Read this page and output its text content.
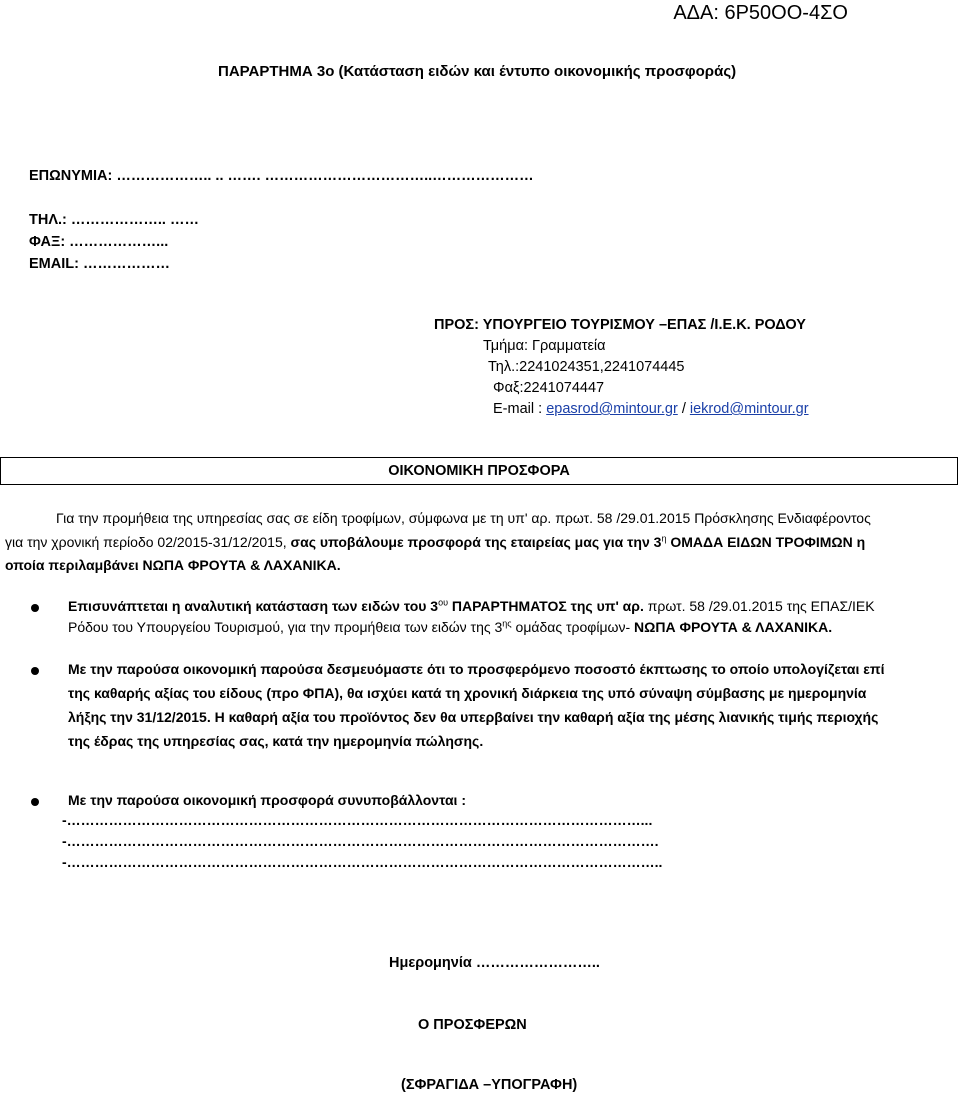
ΑΔΑ: 6Ρ50ΟΟ-4ΣΟ
ΠΑΡΑΡΤΗΜΑ 3ο (Κατάσταση ειδών και έντυπο οικονομικής προσφοράς)
ΕΠΩΝΥΜΙΑ: ……………….. .. ……. ……………………………..…………………
ΤΗΛ.: ……………….. ……
ΦΑΞ: ………………...
EMAIL: ………………
ΠΡΟΣ: ΥΠΟΥΡΓΕΙΟ ΤΟΥΡΙΣΜΟΥ –ΕΠΑΣ /Ι.Ε.Κ. ΡΟΔΟΥ
Τμήμα: Γραμματεία
Τηλ.:2241024351,2241074445
Φαξ:2241074447
E-mail : epasrod@mintour.gr / iekrod@mintour.gr
ΟΙΚΟΝΟΜΙΚΗ ΠΡΟΣΦΟΡΑ
Για την προμήθεια της υπηρεσίας σας σε είδη τροφίμων, σύμφωνα με τη υπ' αρ. πρωτ. 58 /29.01.2015 Πρόσκλησης Ενδιαφέροντος
για την χρονική περίοδο 02/2015-31/12/2015, σας υποβάλουμε προσφορά της εταιρείας μας για την $3^\eta$ ΟΜΑΔΑ ΕΙΔΩΝ ΤΡΟΦΙΜΩΝ η
οποία περιλαμβάνει ΝΩΠΑ ΦΡΟΥΤΑ & ΛΑΧΑΝΙΚΑ.
Επισυνάπτεται η αναλυτική κατάσταση των ειδών του $3^{o\upsilon}$ ΠΑΡΑΡΤΗΜΑΤΟΣ της υπ' αρ. πρωτ. 58 /29.01.2015 της ΕΠΑΣ/ΙΕΚ
Ρόδου του Υπουργείου Τουρισμού, για την προμήθεια των ειδών της $3^{\eta\varsigma}$ ομάδας τροφίμων- ΝΩΠΑ ΦΡΟΥΤΑ & ΛΑΧΑΝΙΚΑ.
Με την παρούσα οικονομική παρούσα δεσμευόμαστε ότι το προσφερόμενο ποσοστό έκπτωσης το οποίο υπολογίζεται επί
της καθαρής αξίας του είδους (προ ΦΠΑ), θα ισχύει κατά τη χρονική διάρκεια της υπό σύναψη σύμβασης με ημερομηνία
λήξης την 31/12/2015. Η καθαρή αξία του προϊόντος δεν θα υπερβαίνει την καθαρή αξία της μέσης λιανικής τιμής περιοχής
της έδρας της υπηρεσίας σας, κατά την ημερομηνία πώλησης.
Με την παρούσα οικονομική προσφορά συνυποβάλλονται :
-……………………………………………………………………………………………………………...
-……………………………………………………………………………………………………………….
-………………………………………………………………………………………………………………..
Ημερομηνία ……………………..
Ο ΠΡΟΣΦΕΡΩΝ
(ΣΦΡΑΓΙΔΑ –ΥΠΟΓΡΑΦΗ)
